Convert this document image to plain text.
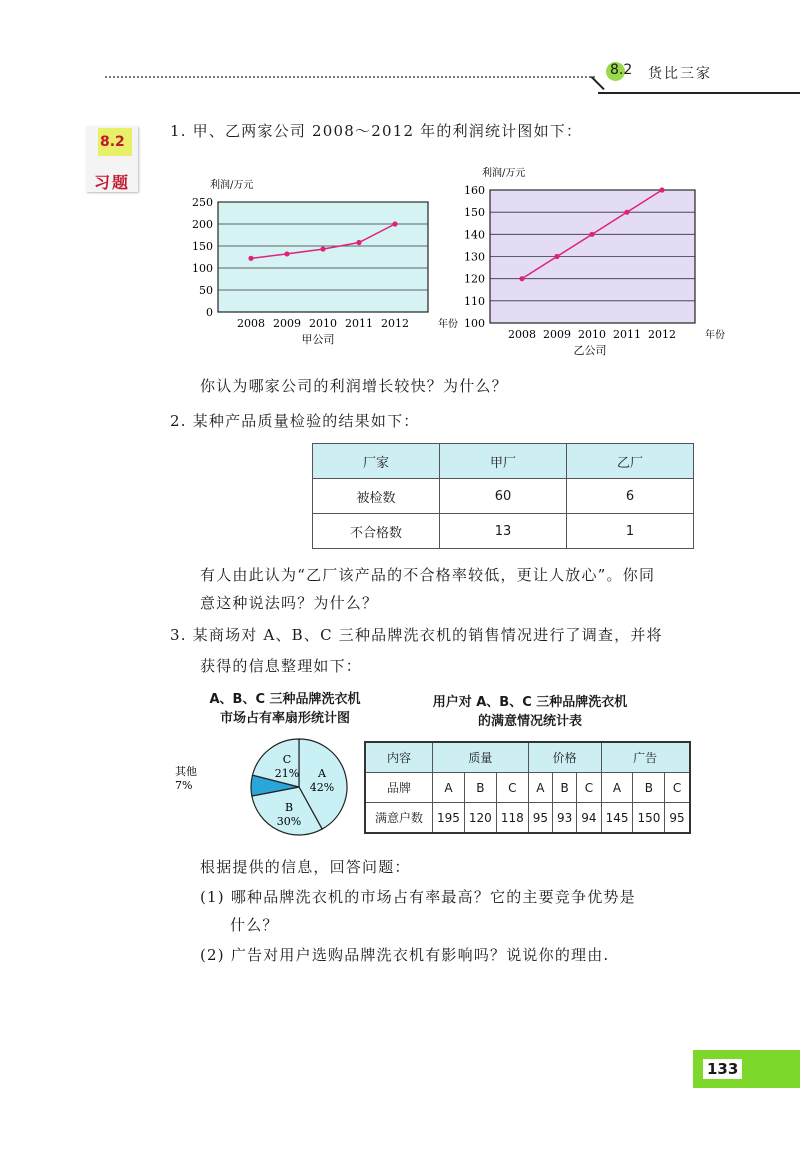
8.2 货比三家
8.2
习题
1. 甲、乙两家公司 2008～2012 年的利润统计图如下：
0
50
100
150
200
250
利润/万元
2008 2009 2010 2011 2012	年份
甲公司
100
110
120
130
140
150
160
利润/万元
2008 2009 2010 2011 2012	年份
乙公司
你认为哪家公司的利润增长较快？为什么？
2. 某种产品质量检验的结果如下：
厂家	甲厂	乙厂
被检数	60	6
不合格数	13	1
有人由此认为“乙厂该产品的不合格率较低，更让人放心”。你同
意这种说法吗？为什么？
3. 某商场对 A、B、C 三种品牌洗衣机的销售情况进行了调查，并将
获得的信息整理如下：
A、B、C 三种品牌洗衣机
市场占有率扇形统计图
用户对 A、B、C 三种品牌洗衣机
的满意情况统计表
A
42%
B
30%
其他
7%
C
21%
内容	质量			价格			广告		
品牌	A	B	C	A	B	C	A	B	C
满意户数	195	120	118	95	93	94	145	150	95
根据提供的信息，回答问题：
(1) 哪种品牌洗衣机的市场占有率最高？它的主要竞争优势是
什么？
(2) 广告对用户选购品牌洗衣机有影响吗？说说你的理由.
133
